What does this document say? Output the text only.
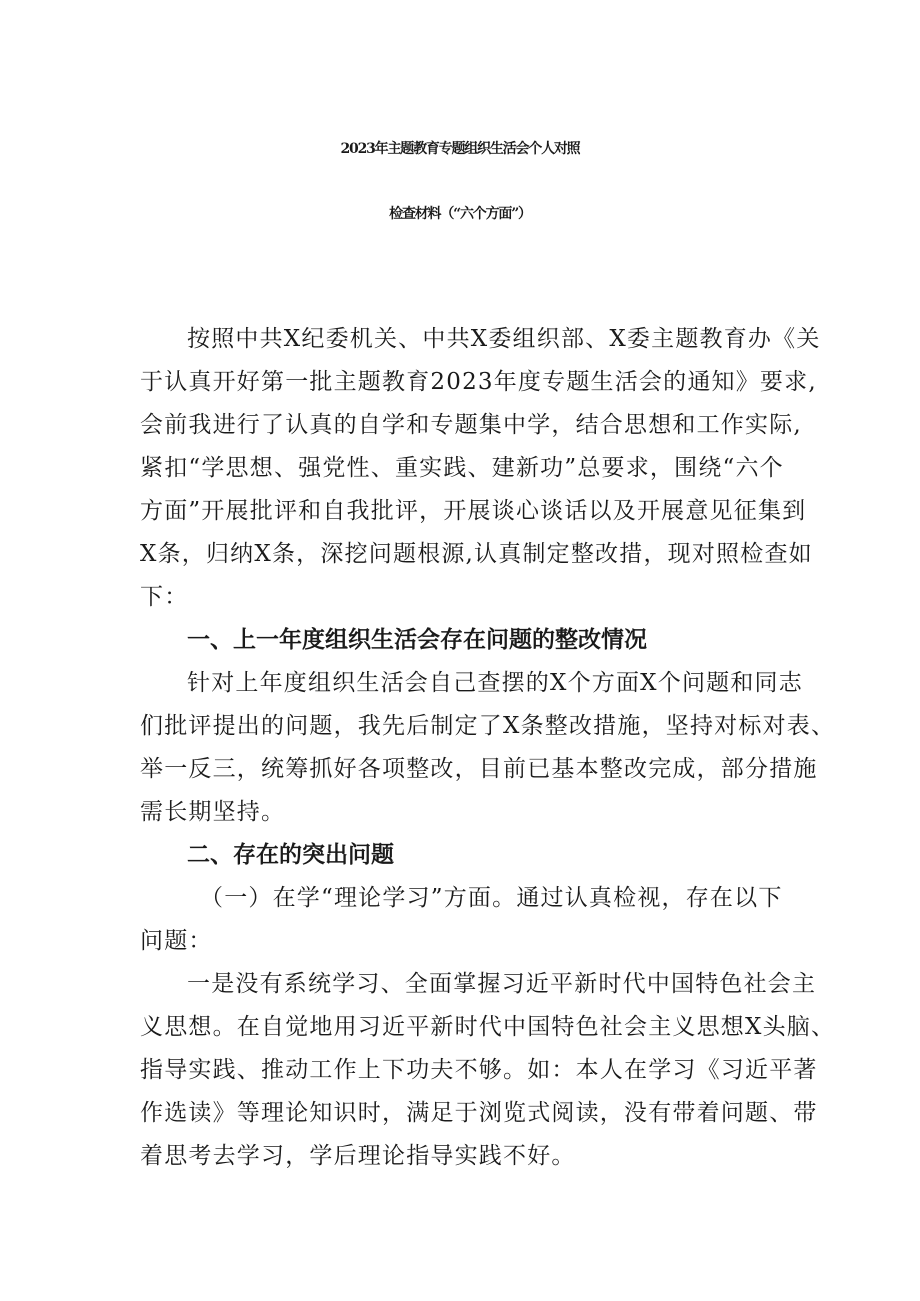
2023年主题教育专题组织生活会个人对照
检查材料（“六个方面”）

按照中共X纪委机关、中共X委组织部、X委主题教育办《关

于认真开好第一批主题教育2023年度专题生活会的通知》要求,

会前我进行了认真的自学和专题集中学，结合思想和工作实际,

紧扣“学思想、强党性、重实践、建新功”总要求，围绕“六个

方面”开展批评和自我批评，开展谈心谈话以及开展意见征集到

X条，归纳X条，深挖问题根源,认真制定整改措，现对照检查如

下：

一、上一年度组织生活会存在问题的整改情况

针对上年度组织生活会自己查摆的X个方面X个问题和同志

们批评提出的问题，我先后制定了X条整改措施，坚持对标对表、

举一反三，统筹抓好各项整改，目前已基本整改完成，部分措施

需长期坚持。

二、存在的突出问题

（一）在学“理论学习”方面。通过认真检视，存在以下

问题：

一是没有系统学习、全面掌握习近平新时代中国特色社会主

义思想。在自觉地用习近平新时代中国特色社会主义思想X头脑、

指导实践、推动工作上下功夫不够。如：本人在学习《习近平著

作选读》等理论知识时，满足于浏览式阅读，没有带着问题、带

着思考去学习，学后理论指导实践不好。
